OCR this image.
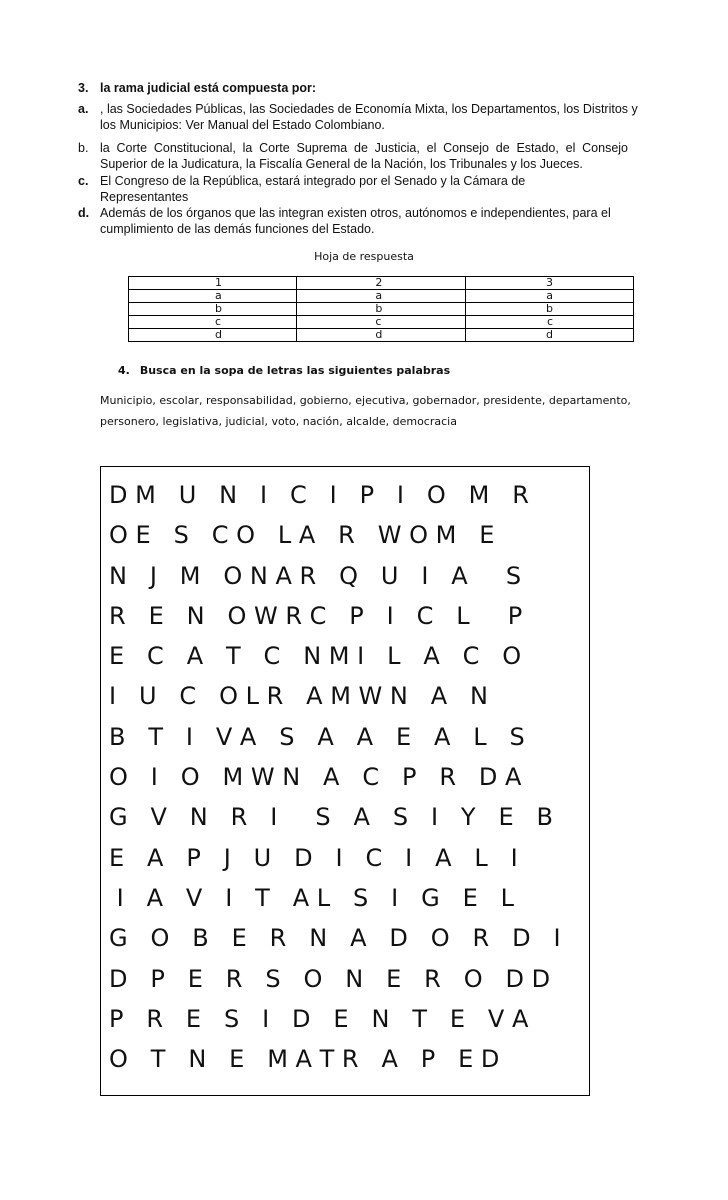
3. la rama judicial está compuesta por:
a. , las Sociedades Públicas, las Sociedades de Economía Mixta, los Departamentos, los Distritos y los Municipios: Ver Manual del Estado Colombiano.
b. la Corte Constitucional, la Corte Suprema de Justicia, el Consejo de Estado, el Consejo Superior de la Judicatura, la Fiscalía General de la Nación, los Tribunales y los Jueces.
c. El Congreso de la República, estará integrado por el Senado y la Cámara de Representantes
d. Además de los órganos que las integran existen otros, autónomos e independientes, para el cumplimiento de las demás funciones del Estado.
Hoja de respuesta
1	2	3
a	a	a
b	b	b
c	c	c
d	d	d
4. Busca en la sopa de letras las siguientes palabras
Municipio, escolar, responsabilidad, gobierno, ejecutiva, gobernador, presidente, departamento, personero, legislativa, judicial, voto, nación, alcalde, democracia
D M   U   N   I   C   I   P   I   O   M   R
O E   S   C O   L A   R   W O M   E
N   J   M   O N A R   Q   U   I   A     S
R   E   N   O W R C   P   I   C   L     P
E   C   A   T   C   N M I   L   A   C   O
I   U   C   O L R   A M W N   A   N
B   T   I   V A   S   A   A   E   A   L   S
O   I   O   M W N   A   C   P   R   D A
G   V   N   R   I     S   A   S   I   Y   E   B
E   A   P   J   U   D   I   C   I   A   L   I
I   A   V   I   T   A L   S   I   G   E   L
G   O   B   E   R   N   A   D   O   R   D   I
D   P   E   R   S   O   N   E   R   O   D D
P   R   E   S   I   D   E   N   T   E   V A
O   T   N   E   M A T R   A   P   E D
